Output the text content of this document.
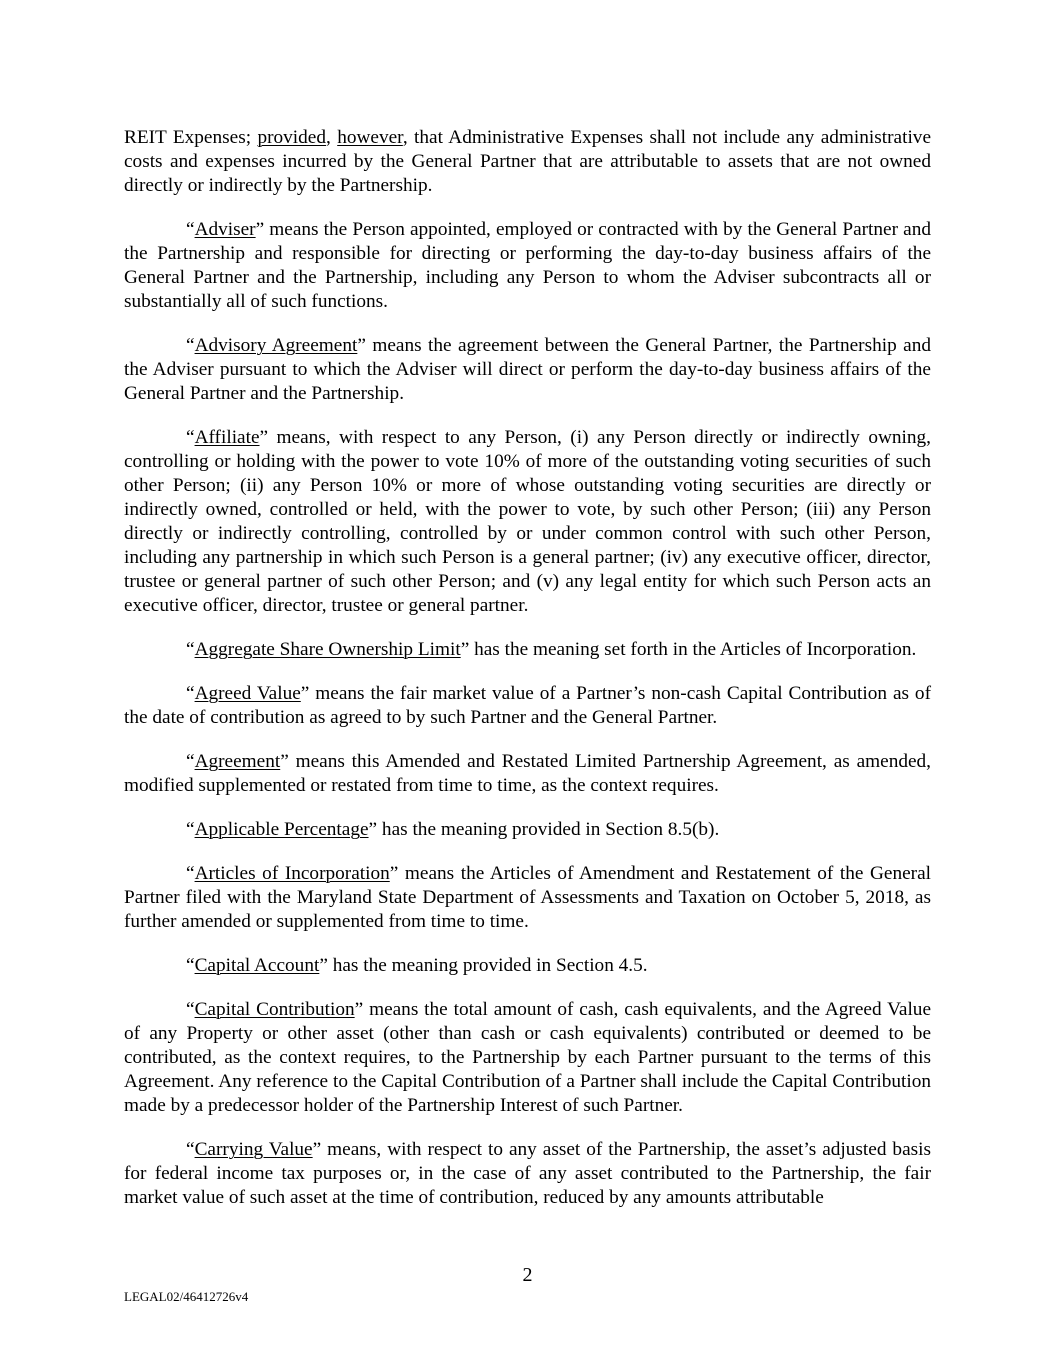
REIT Expenses; provided, however, that Administrative Expenses shall not include any administrative costs and expenses incurred by the General Partner that are attributable to assets that are not owned directly or indirectly by the Partnership.

“Adviser” means the Person appointed, employed or contracted with by the General Partner and the Partnership and responsible for directing or performing the day-to-day business affairs of the General Partner and the Partnership, including any Person to whom the Adviser subcontracts all or substantially all of such functions.

“Advisory Agreement” means the agreement between the General Partner, the Partnership and the Adviser pursuant to which the Adviser will direct or perform the day-to-day business affairs of the General Partner and the Partnership.

“Affiliate” means, with respect to any Person, (i) any Person directly or indirectly owning, controlling or holding with the power to vote 10% of more of the outstanding voting securities of such other Person; (ii) any Person 10% or more of whose outstanding voting securities are directly or indirectly owned, controlled or held, with the power to vote, by such other Person; (iii) any Person directly or indirectly controlling, controlled by or under common control with such other Person, including any partnership in which such Person is a general partner; (iv) any executive officer, director, trustee or general partner of such other Person; and (v) any legal entity for which such Person acts an executive officer, director, trustee or general partner.

“Aggregate Share Ownership Limit” has the meaning set forth in the Articles of Incorporation.

“Agreed Value” means the fair market value of a Partner’s non-cash Capital Contribution as of the date of contribution as agreed to by such Partner and the General Partner.

“Agreement” means this Amended and Restated Limited Partnership Agreement, as amended, modified supplemented or restated from time to time, as the context requires.

“Applicable Percentage” has the meaning provided in Section 8.5(b).

“Articles of Incorporation” means the Articles of Amendment and Restatement of the General Partner filed with the Maryland State Department of Assessments and Taxation on October 5, 2018, as further amended or supplemented from time to time.

“Capital Account” has the meaning provided in Section 4.5.

“Capital Contribution” means the total amount of cash, cash equivalents, and the Agreed Value of any Property or other asset (other than cash or cash equivalents) contributed or deemed to be contributed, as the context requires, to the Partnership by each Partner pursuant to the terms of this Agreement. Any reference to the Capital Contribution of a Partner shall include the Capital Contribution made by a predecessor holder of the Partnership Interest of such Partner.

“Carrying Value” means, with respect to any asset of the Partnership, the asset’s adjusted basis for federal income tax purposes or, in the case of any asset contributed to the Partnership, the fair market value of such asset at the time of contribution, reduced by any amounts attributable

2
LEGAL02/46412726v4
